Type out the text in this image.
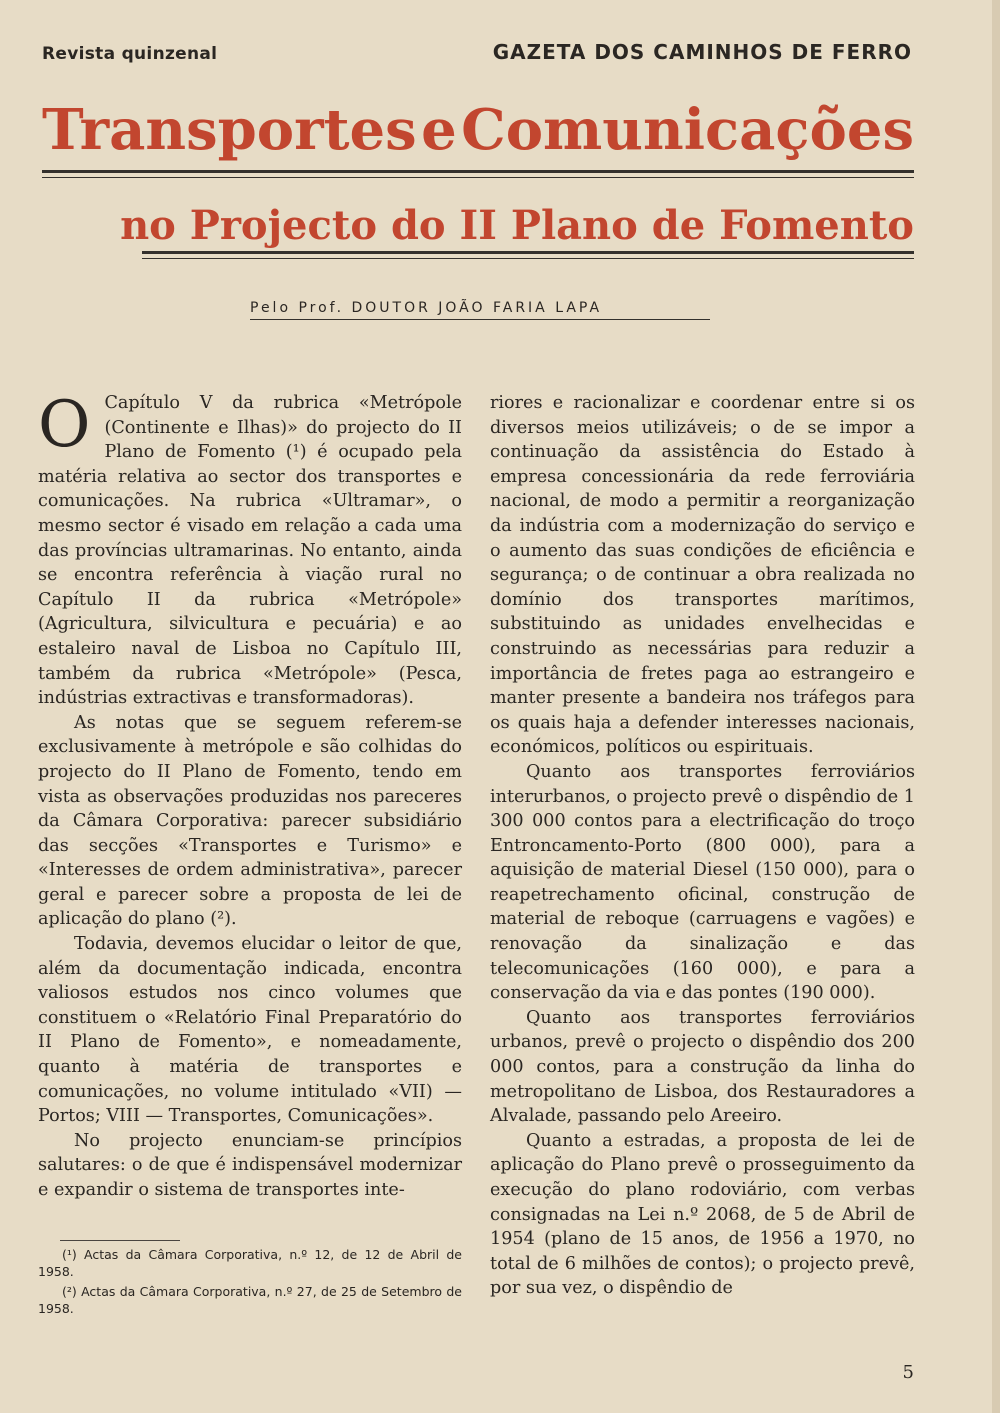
Revista quinzenal	GAZETA DOS CAMINHOS DE FERRO
Transportes e Comunicações
no Projecto do II Plano de Fomento
Pelo Prof. DOUTOR JOÃO FARIA LAPA

O Capítulo V da rubrica «Metrópole (Continente e Ilhas)» do projecto do II Plano de Fomento (¹) é ocupado pela matéria relativa ao sector dos transportes e comunicações. Na rubrica «Ultramar», o mesmo sector é visado em relação a cada uma das províncias ultramarinas. No entanto, ainda se encontra referência à viação rural no Capítulo II da rubrica «Metrópole» (Agricultura, silvicultura e pecuária) e ao estaleiro naval de Lisboa no Capítulo III, também da rubrica «Metrópole» (Pesca, indústrias extractivas e transformadoras).

As notas que se seguem referem-se exclusivamente à metrópole e são colhidas do projecto do II Plano de Fomento, tendo em vista as observações produzidas nos pareceres da Câmara Corporativa: parecer subsidiário das secções «Transportes e Turismo» e «Interesses de ordem administrativa», parecer geral e parecer sobre a proposta de lei de aplicação do plano (²).

Todavia, devemos elucidar o leitor de que, além da documentação indicada, encontra valiosos estudos nos cinco volumes que constituem o «Relatório Final Preparatório do II Plano de Fomento», e nomeadamente, quanto à matéria de transportes e comunicações, no volume intitulado «VII) — Portos; VIII — Transportes, Comunicações».

No projecto enunciam-se princípios salutares: o de que é indispensável modernizar e expandir o sistema de transportes inte-

riores e racionalizar e coordenar entre si os diversos meios utilizáveis; o de se impor a continuação da assistência do Estado à empresa concessionária da rede ferroviária nacional, de modo a permitir a reorganização da indústria com a modernização do serviço e o aumento das suas condições de eficiência e segurança; o de continuar a obra realizada no domínio dos transportes marítimos, substituindo as unidades envelhecidas e construindo as necessárias para reduzir a importância de fretes paga ao estrangeiro e manter presente a bandeira nos tráfegos para os quais haja a defender interesses nacionais, económicos, políticos ou espirituais.

Quanto aos transportes ferroviários interurbanos, o projecto prevê o dispêndio de 1 300 000 contos para a electrificação do troço Entroncamento-Porto (800 000), para a aquisição de material Diesel (150 000), para o reapetrechamento oficinal, construção de material de reboque (carruagens e vagões) e renovação da sinalização e das telecomunicações (160 000), e para a conservação da via e das pontes (190 000).

Quanto aos transportes ferroviários urbanos, prevê o projecto o dispêndio dos 200 000 contos, para a construção da linha do metropolitano de Lisboa, dos Restauradores a Alvalade, passando pelo Areeiro.

Quanto a estradas, a proposta de lei de aplicação do Plano prevê o prosseguimento da execução do plano rodoviário, com verbas consignadas na Lei n.º 2068, de 5 de Abril de 1954 (plano de 15 anos, de 1956 a 1970, no total de 6 milhões de contos); o projecto prevê, por sua vez, o dispêndio de

(¹) Actas da Câmara Corporativa, n.º 12, de 12 de Abril de 1958.

(²) Actas da Câmara Corporativa, n.º 27, de 25 de Setembro de 1958.

5
